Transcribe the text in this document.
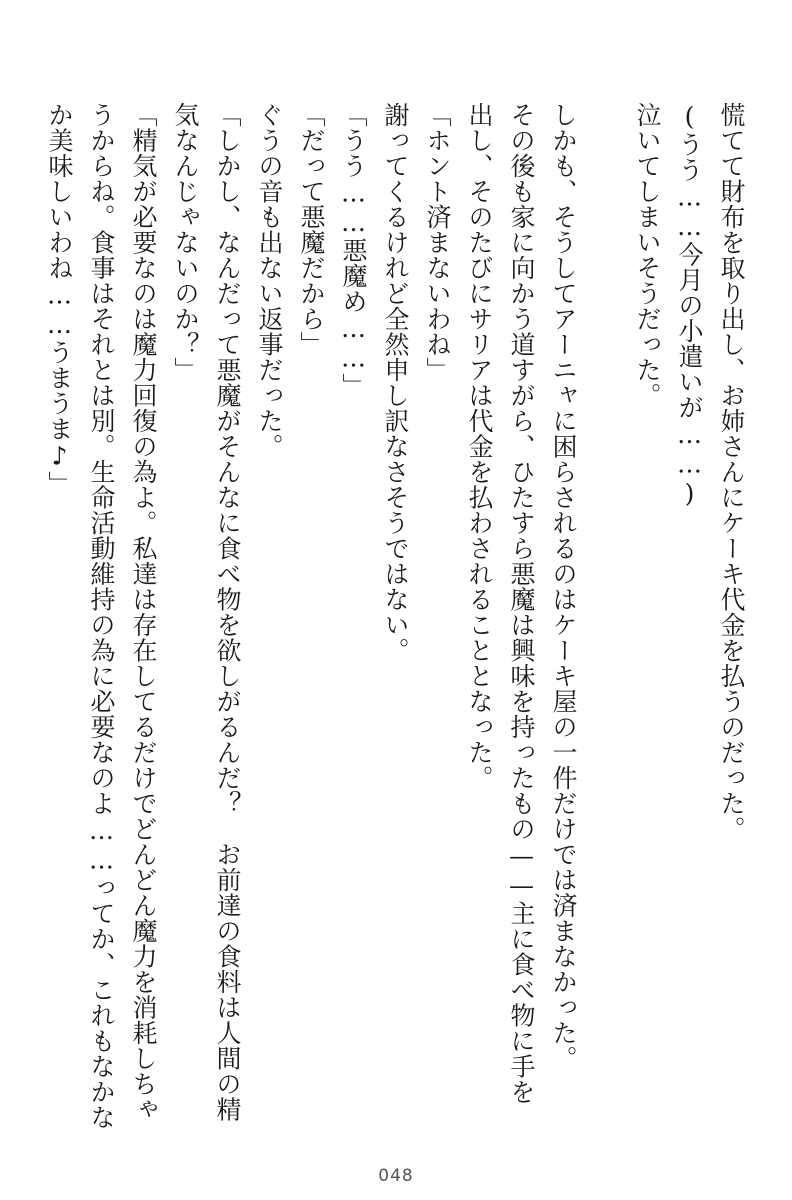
慌てて財布を取り出し、お姉さんにケーキ代金を払うのだった。
(うう……今月の小遣いが……)
泣いてしまいそうだった。

しかも、そうしてアーニャに困らされるのはケーキ屋の一件だけでは済まなかった。
その後も家に向かう道すがら、ひたすら悪魔は興味を持ったもの——主に食べ物に手を
出し、そのたびにサリアは代金を払わされることとなった。
「ホント済まないわね」
謝ってくるけれど全然申し訳なさそうではない。
「うう……悪魔め……」
「だって悪魔だから」
ぐうの音も出ない返事だった。
「しかし、なんだって悪魔がそんなに食べ物を欲しがるんだ？　お前達の食料は人間の精
気なんじゃないのか？」
「精気が必要なのは魔力回復の為よ。私達は存在してるだけでどんどん魔力を消耗しちゃ
うからね。食事はそれとは別。生命活動維持の為に必要なのよ……ってか、これもなかな
か美味しいわね……うまうま♪」
048
